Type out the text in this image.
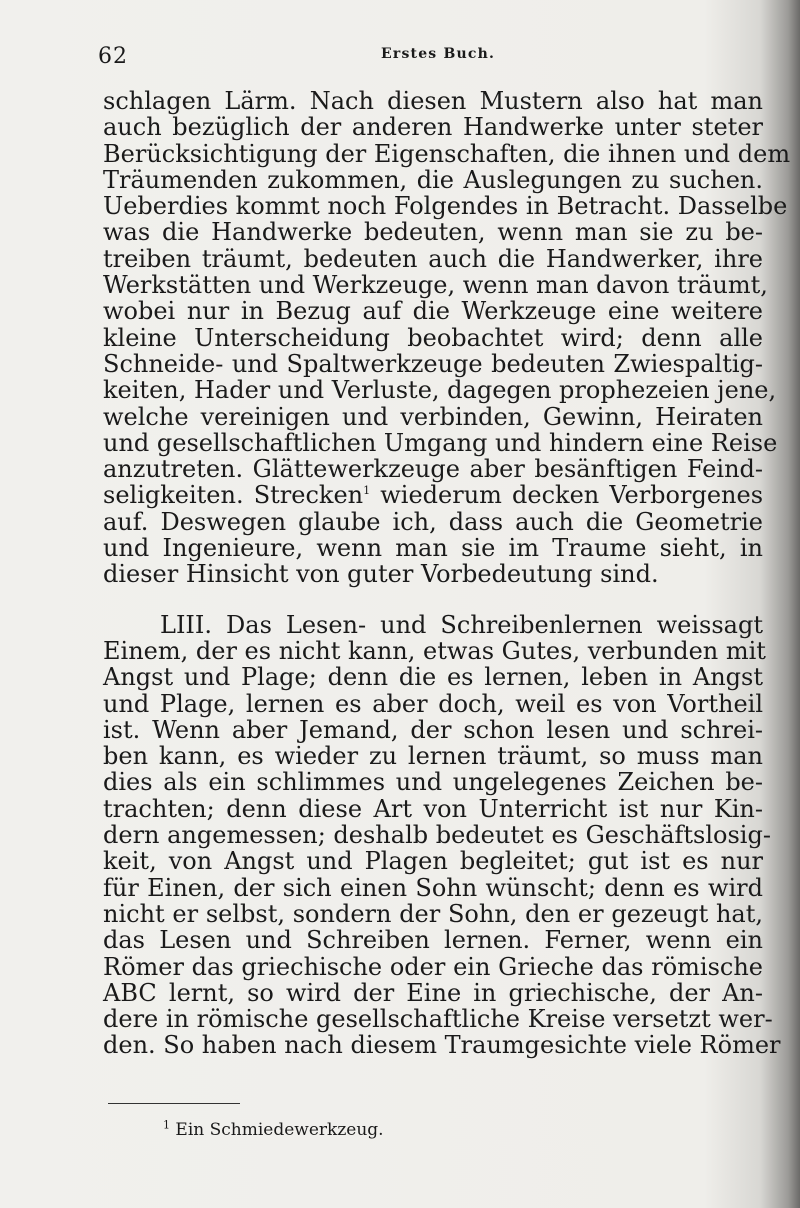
62	Erstes Buch.
schlagen Lärm. Nach diesen Mustern also hat man
auch bezüglich der anderen Handwerke unter steter
Berücksichtigung der Eigenschaften, die ihnen und dem
Träumenden zukommen, die Auslegungen zu suchen.
Ueberdies kommt noch Folgendes in Betracht. Dasselbe
was die Handwerke bedeuten, wenn man sie zu be-
treiben träumt, bedeuten auch die Handwerker, ihre
Werkstätten und Werkzeuge, wenn man davon träumt,
wobei nur in Bezug auf die Werkzeuge eine weitere
kleine Unterscheidung beobachtet wird; denn alle
Schneide- und Spaltwerkzeuge bedeuten Zwiespaltig-
keiten, Hader und Verluste, dagegen prophezeien jene,
welche vereinigen und verbinden, Gewinn, Heiraten
und gesellschaftlichen Umgang und hindern eine Reise
anzutreten. Glättewerkzeuge aber besänftigen Feind-
seligkeiten. Strecken$^1$ wiederum decken Verborgenes
auf. Deswegen glaube ich, dass auch die Geometrie
und Ingenieure, wenn man sie im Traume sieht, in
dieser Hinsicht von guter Vorbedeutung sind.
LIII. Das Lesen- und Schreibenlernen weissagt
Einem, der es nicht kann, etwas Gutes, verbunden mit
Angst und Plage; denn die es lernen, leben in Angst
und Plage, lernen es aber doch, weil es von Vortheil
ist. Wenn aber Jemand, der schon lesen und schrei-
ben kann, es wieder zu lernen träumt, so muss man
dies als ein schlimmes und ungelegenes Zeichen be-
trachten; denn diese Art von Unterricht ist nur Kin-
dern angemessen; deshalb bedeutet es Geschäftslosig-
keit, von Angst und Plagen begleitet; gut ist es nur
für Einen, der sich einen Sohn wünscht; denn es wird
nicht er selbst, sondern der Sohn, den er gezeugt hat,
das Lesen und Schreiben lernen. Ferner, wenn ein
Römer das griechische oder ein Grieche das römische
ABC lernt, so wird der Eine in griechische, der An-
dere in römische gesellschaftliche Kreise versetzt wer-
den. So haben nach diesem Traumgesichte viele Römer
$^1$ Ein Schmiedewerkzeug.
